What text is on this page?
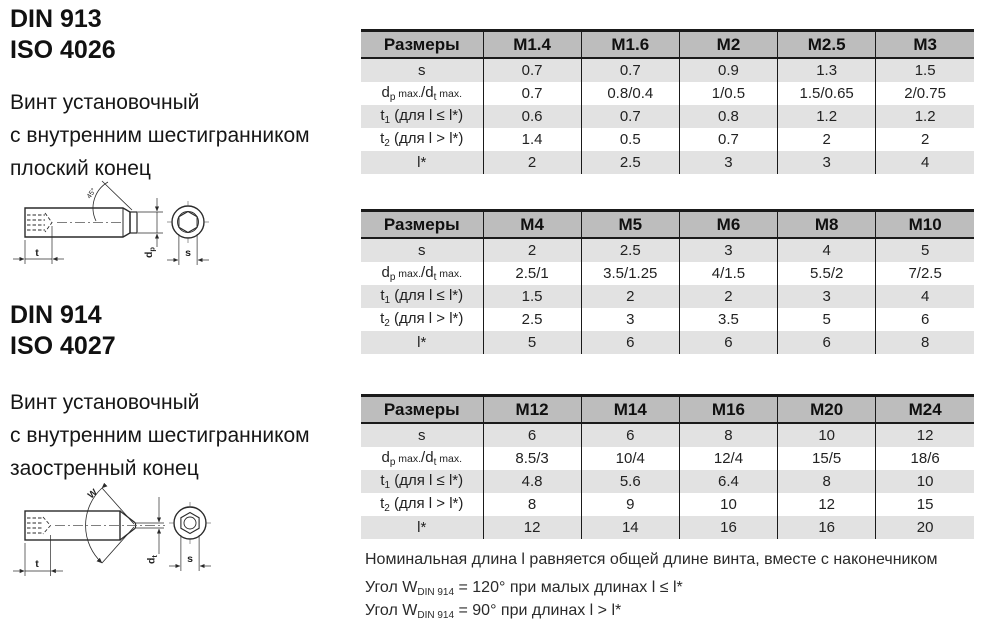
DIN 913
ISO 4026
Винт установочный
с внутренним шестигранником
плоский конец
45°
t	$d_p$	s
DIN 914
ISO 4027
Винт установочный
с внутренним шестигранником
заостренный конец
W
t	$d_t$	s
Размеры	M1.4	M1.6	M2	M2.5	M3
s	0.7	0.7	0.9	1.3	1.5
$d_p$ $\max./d_t$ max.	0.7	0.8/0.4	1/0.5	1.5/0.65	2/0.75
$t_1$ (для l ≤ l*)	0.6	0.7	0.8	1.2	1.2
$t_2$ (для l > l*)	1.4	0.5	0.7	2	2
l*	2	2.5	3	3	4
Размеры	M4	M5	M6	M8	M10
s	2	2.5	3	4	5
$d_p$ $\max./d_t$ max.	2.5/1	3.5/1.25	4/1.5	5.5/2	7/2.5
$t_1$ (для l ≤ l*)	1.5	2	2	3	4
$t_2$ (для l > l*)	2.5	3	3.5	5	6
l*	5	6	6	6	8
Размеры	M12	M14	M16	M20	M24
s	6	6	8	10	12
$d_p$ $\max./d_t$ max.	8.5/3	10/4	12/4	15/5	18/6
$t_1$ (для l ≤ l*)	4.8	5.6	6.4	8	10
$t_2$ (для l > l*)	8	9	10	12	15
l*	12	14	16	16	20
Номинальная длина l равняется общей длине винта, вместе с наконечником
Угол WDIN 914 = 120° при малых длинах l ≤ l*
Угол WDIN 914 = 90° при длинах l > l*
